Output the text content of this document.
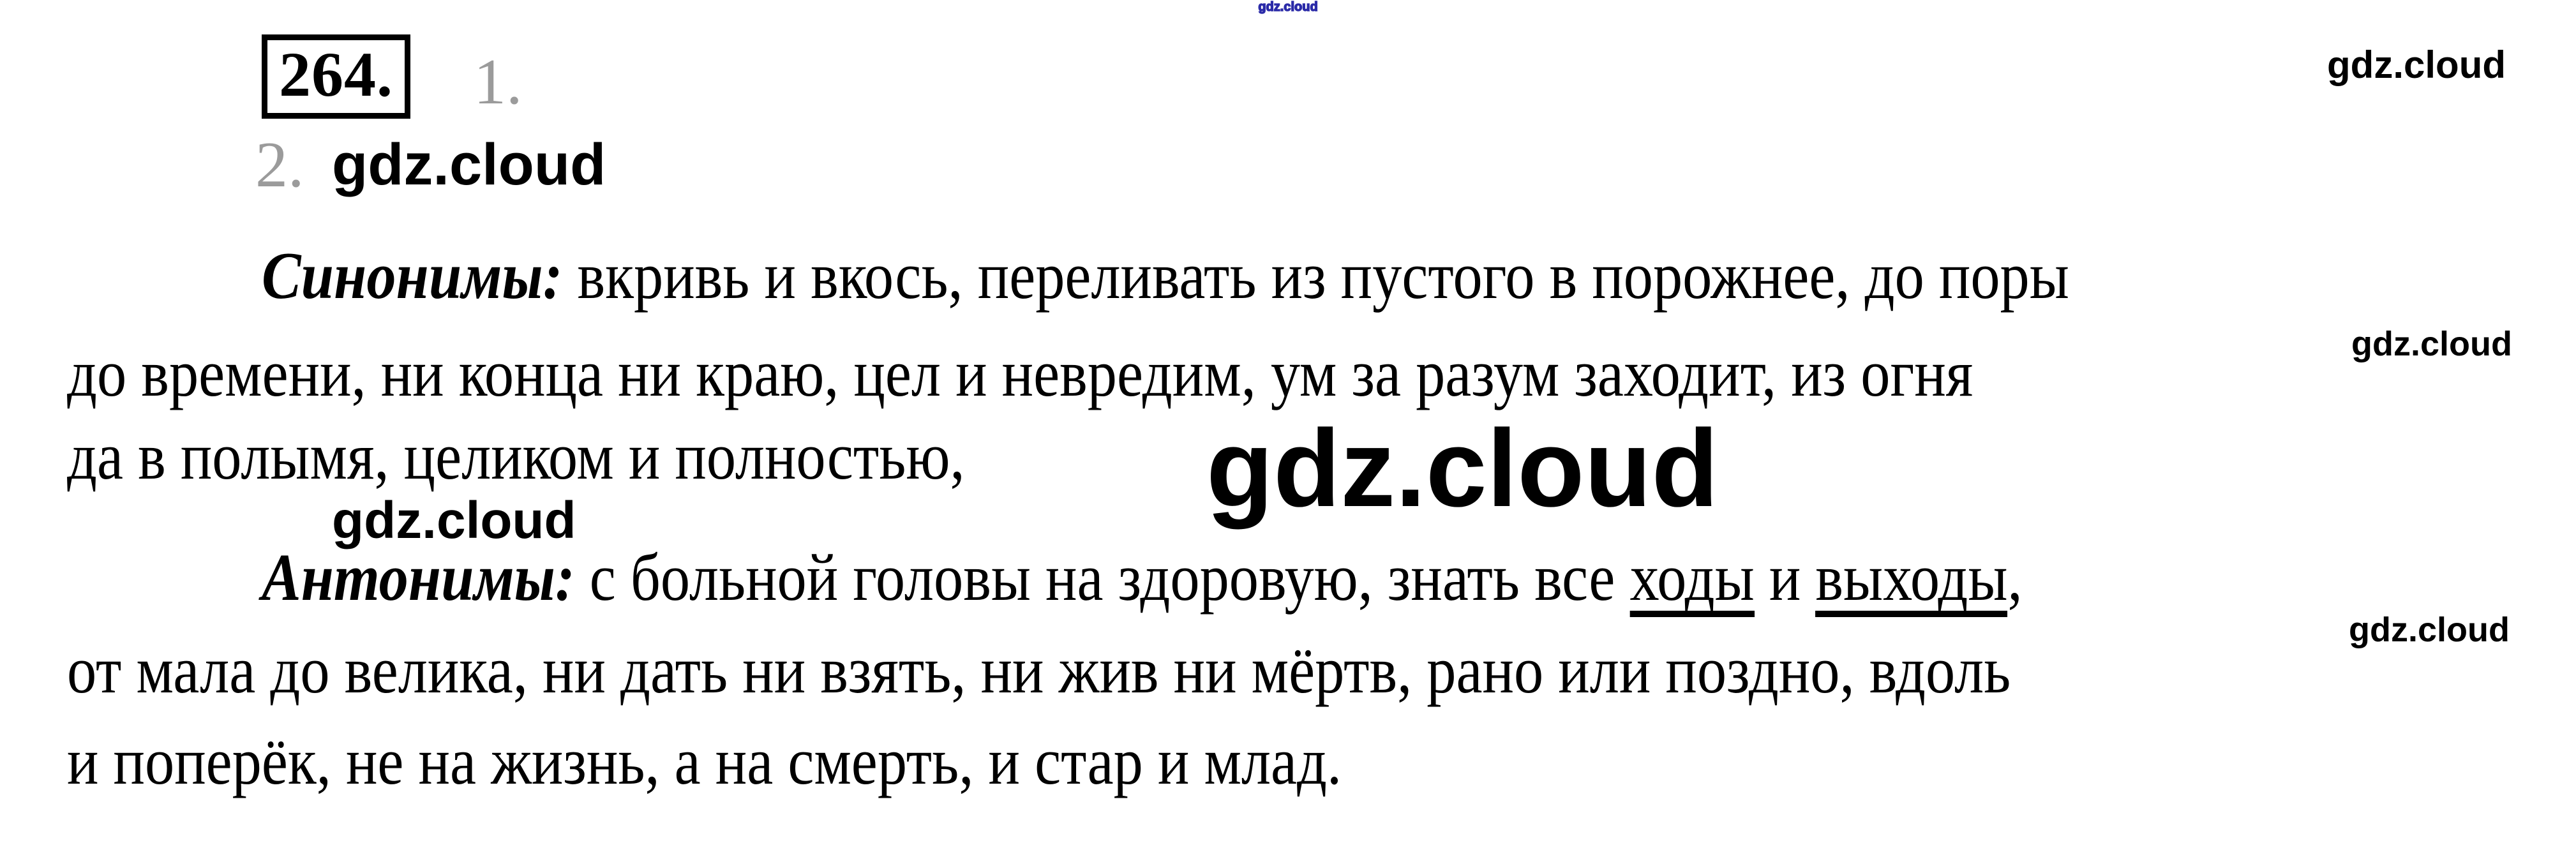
gdz.cloud
gdz.cloud
gdz.cloud
gdz.cloud
gdz.cloud
gdz.cloud
264. 1.
2. gdz.cloud
Синонимы: вкривь и вкось, переливать из пустого в порожнее, до поры
до времени, ни конца ни краю, цел и невредим, ум за разум заходит, из огня
да в полымя, целиком и полностью,
Антонимы: с больной головы на здоровую, знать все ходы и выходы,
от мала до велика, ни дать ни взять, ни жив ни мёртв, рано или поздно, вдоль
и поперёк, не на жизнь, а на смерть, и стар и млад.
